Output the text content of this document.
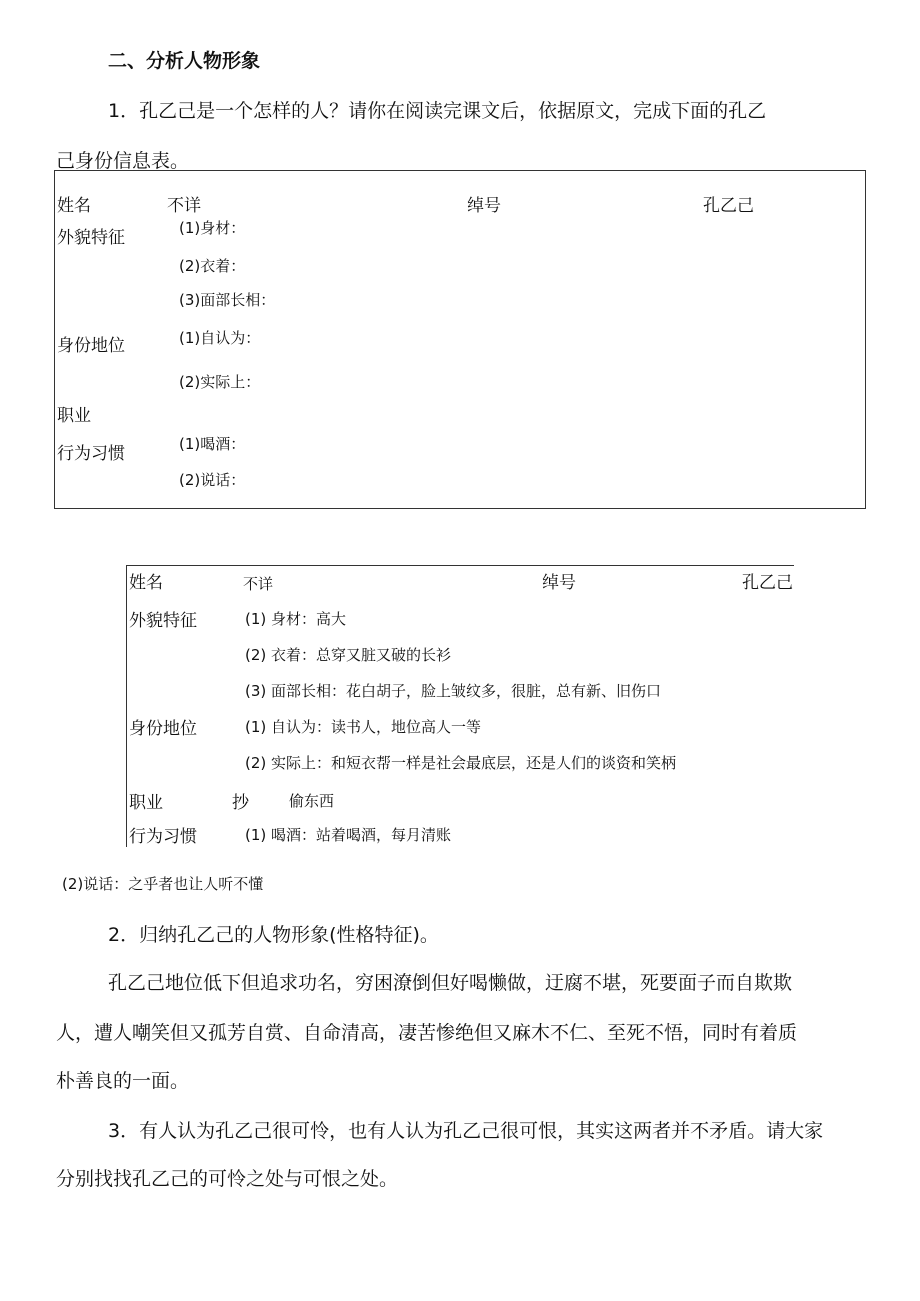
二、分析人物形象
1．孔乙己是一个怎样的人？请你在阅读完课文后，依据原文，完成下面的孔乙
己身份信息表。
姓名	不详	绰号	孔乙己
外貌特征	(1)身材：
(2)衣着：
(3)面部长相：
身份地位	(1)自认为：
(2)实际上：
职业
行为习惯	(1)喝酒：
(2)说话：
姓名	不详	绰号	孔乙己
外貌特征	(1) 身材：高大
(2) 衣着：总穿又脏又破的长衫
(3) 面部长相：花白胡子，脸上皱纹多，很脏，总有新、旧伤口
身份地位	(1) 自认为：读书人，地位高人一等
(2) 实际上：和短衣帮一样是社会最底层，还是人们的谈资和笑柄
职业	抄	偷东西
行为习惯	(1) 喝酒：站着喝酒，每月清账
(2)说话：之乎者也让人听不懂
2．归纳孔乙己的人物形象(性格特征)。
孔乙己地位低下但追求功名，穷困潦倒但好喝懒做，迂腐不堪，死要面子而自欺欺
人，遭人嘲笑但又孤芳自赏、自命清高，凄苦惨绝但又麻木不仁、至死不悟，同时有着质
朴善良的一面。
3．有人认为孔乙己很可怜，也有人认为孔乙己很可恨，其实这两者并不矛盾。请大家
分别找找孔乙己的可怜之处与可恨之处。
